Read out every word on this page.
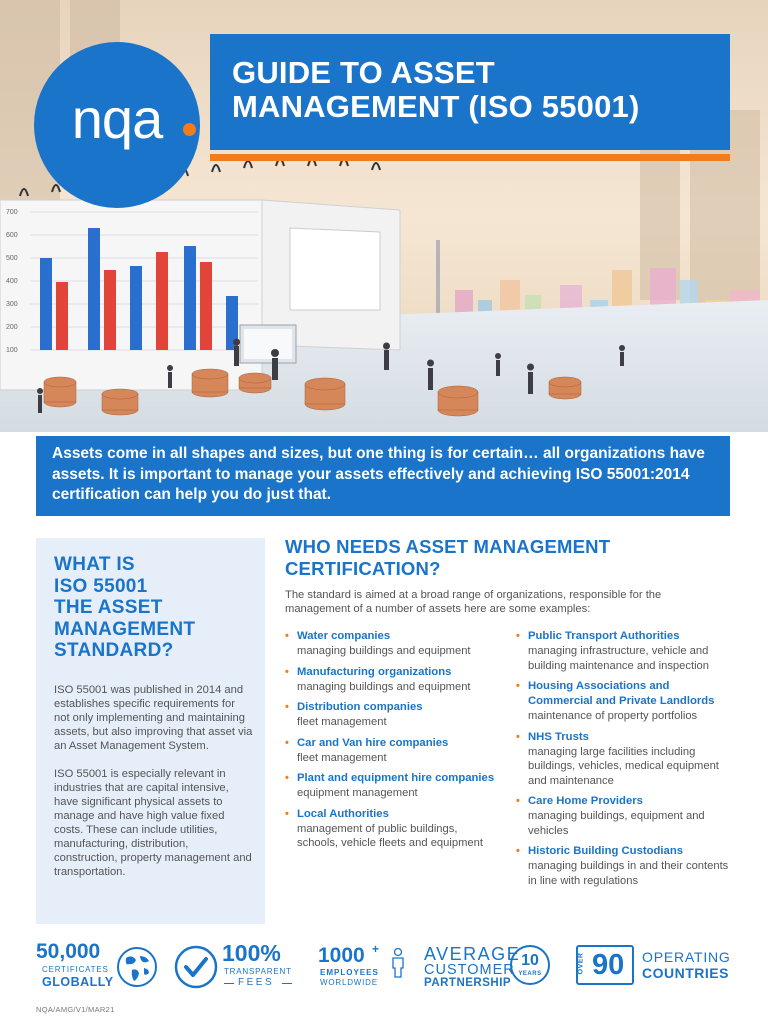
700
600
500
400
300
200
100
nqa
GUIDE TO ASSET
MANAGEMENT (ISO 55001)

Assets come in all shapes and sizes, but one thing is for certain… all organizations have assets. It is important to manage your assets effectively and achieving ISO 55001:2014 certification can help you do just that.

WHAT IS
ISO 55001
THE ASSET
MANAGEMENT
STANDARD?

ISO 55001 was published in 2014 and establishes specific requirements for not only implementing and maintaining assets, but also improving that asset via an Asset Management System.

ISO 55001 is especially relevant in industries that are capital intensive, have significant physical assets to manage and have high value fixed costs. These can include utilities, manufacturing, distribution, construction, property management and transportation.

WHO NEEDS ASSET MANAGEMENT
CERTIFICATION?

The standard is aimed at a broad range of organizations, responsible for the management of a number of assets here are some examples:

• Water companies
managing buildings and equipment
• Manufacturing organizations
managing buildings and equipment
• Distribution companies
fleet management
• Car and Van hire companies
fleet management
• Plant and equipment hire companies
equipment management
• Local Authorities
management of public buildings, schools, vehicle fleets and equipment
• Public Transport Authorities
managing infrastructure, vehicle and building maintenance and inspection
• Housing Associations and Commercial and Private Landlords
maintenance of property portfolios
• NHS Trusts
managing large facilities including buildings, vehicles, medical equipment and maintenance
• Care Home Providers
managing buildings, equipment and vehicles
• Historic Building Custodians
managing buildings in and their contents in line with regulations
50,000
CERTIFICATES
GLOBALLY
100%
TRANSPARENT
FEES
1000 +
EMPLOYEES
WORLDWIDE
AVERAGE
CUSTOMER
PARTNERSHIP
10
YEARS	OVER 90 OPERATING
COUNTRIES
NQA/AMG/V1/MAR21
